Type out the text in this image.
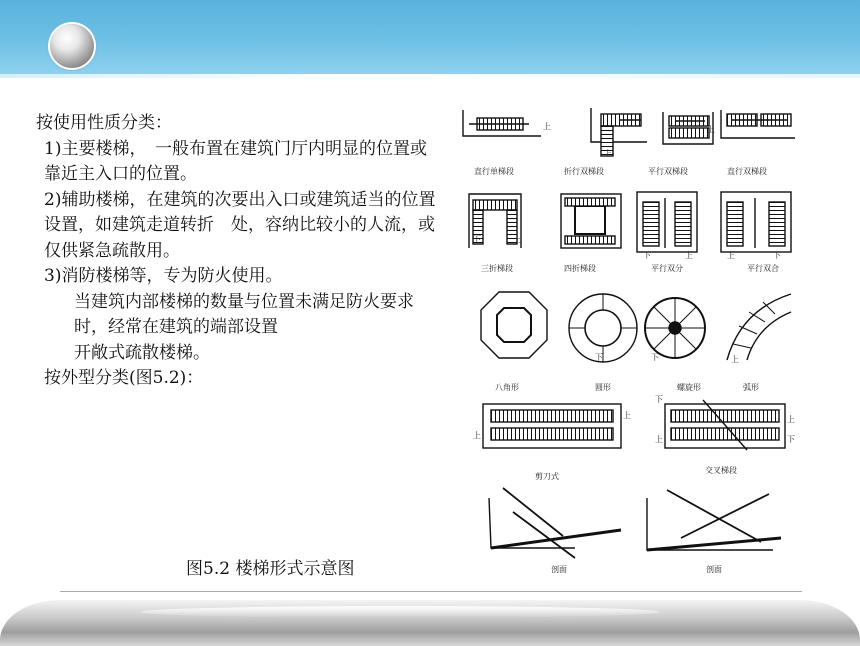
按使用性质分类：

1)主要楼梯，　一般布置在建筑门厅内明显的位置或靠近主入口的位置。

2)辅助楼梯，在建筑的次要出入口或建筑适当的位置设置，如建筑走道转折　处，容纳比较小的人流，或仅供紧急疏散用。

3)消防楼梯等，专为防火使用。

当建筑内部楼梯的数量与位置未满足防火要求时，经常在建筑的端部设置

开敞式疏散楼梯。

按外型分类(图5.2)：

直行单梯段	折行双梯段	平行双梯段	直行双梯段
三折梯段	四折梯段	平行双分	平行双合
八角形	圆形	螺旋形	弧形
剪刀式
交叉梯段
剖面	剖面
上
上
上
下	上
下	上	上	下
下	下	上
上
上
下
上
上	下
图5.2 楼梯形式示意图
